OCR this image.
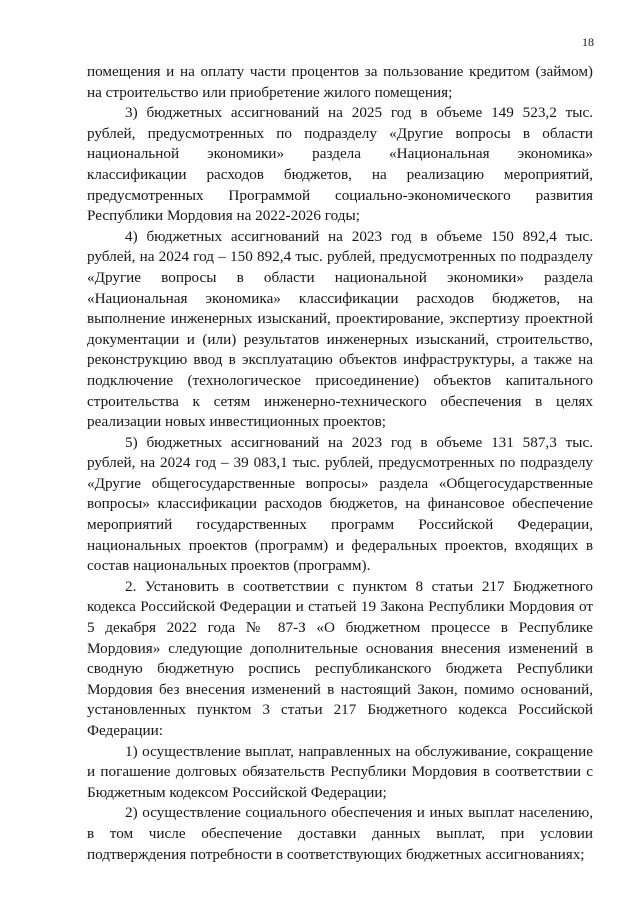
18

помещения и на оплату части процентов за пользование кредитом (займом) на строительство или приобретение жилого помещения;

3) бюджетных ассигнований на 2025 год в объеме 149 523,2 тыс. рублей, предусмотренных по подразделу «Другие вопросы в области национальной экономики» раздела «Национальная экономика» классификации расходов бюджетов, на реализацию мероприятий, предусмотренных Программой социально-экономического развития Республики Мордовия на 2022-2026 годы;

4) бюджетных ассигнований на 2023 год в объеме 150 892,4 тыс. рублей, на 2024 год – 150 892,4 тыс. рублей, предусмотренных по подразделу «Другие вопросы в области национальной экономики» раздела «Национальная экономика» классификации расходов бюджетов, на выполнение инженерных изысканий, проектирование, экспертизу проектной документации и (или) результатов инженерных изысканий, строительство, реконструкцию ввод в эксплуатацию объектов инфраструктуры, а также на подключение (технологическое присоединение) объектов капитального строительства к сетям инженерно-технического обеспечения в целях реализации новых инвестиционных проектов;

5) бюджетных ассигнований на 2023 год в объеме 131 587,3 тыс. рублей, на 2024 год – 39 083,1 тыс. рублей, предусмотренных по подразделу «Другие общегосударственные вопросы» раздела «Общегосударственные вопросы» классификации расходов бюджетов, на финансовое обеспечение мероприятий государственных программ Российской Федерации, национальных проектов (программ) и федеральных проектов, входящих в состав национальных проектов (программ).

2. Установить в соответствии с пунктом 8 статьи 217 Бюджетного кодекса Российской Федерации и статьей 19 Закона Республики Мордовия от 5 декабря 2022 года № 87-З «О бюджетном процессе в Республике Мордовия» следующие дополнительные основания внесения изменений в сводную бюджетную роспись республиканского бюджета Республики Мордовия без внесения изменений в настоящий Закон, помимо оснований, установленных пунктом 3 статьи 217 Бюджетного кодекса Российской Федерации:

1) осуществление выплат, направленных на обслуживание, сокращение и погашение долговых обязательств Республики Мордовия в соответствии с Бюджетным кодексом Российской Федерации;

2) осуществление социального обеспечения и иных выплат населению, в том числе обеспечение доставки данных выплат, при условии подтверждения потребности в соответствующих бюджетных ассигнованиях;
